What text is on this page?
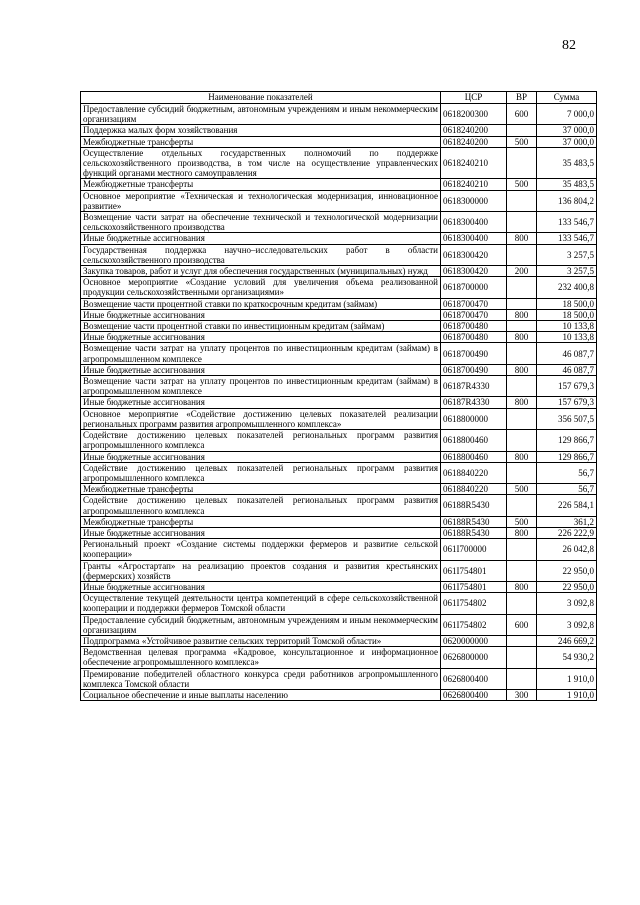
82
Наименование показателей	ЦСР	ВР	Сумма
Предоставление субсидий бюджетным, автономным учреждениям и иным некоммерческим организациям	0618200300	600	7 000,0
Поддержка малых форм хозяйствования	0618240200		37 000,0
Межбюджетные трансферты	0618240200	500	37 000,0
Осуществление отдельных государственных полномочий по поддержке сельскохозяйственного производства, в том числе на осуществление управленческих функций органами местного самоуправления	0618240210		35 483,5
Межбюджетные трансферты	0618240210	500	35 483,5
Основное мероприятие «Техническая и технологическая модернизация, инновационное развитие»	0618300000		136 804,2
Возмещение части затрат на обеспечение технической и технологической модернизации сельскохозяйственного производства	0618300400		133 546,7
Иные бюджетные ассигнования	0618300400	800	133 546,7
Государственная поддержка научно–исследовательских работ в области сельскохозяйственного производства	0618300420		3 257,5
Закупка товаров, работ и услуг для обеспечения государственных (муниципальных) нужд	0618300420	200	3 257,5
Основное мероприятие «Создание условий для увеличения объема реализованной продукции сельскохозяйственными организациями»	0618700000		232 400,8
Возмещение части процентной ставки по краткосрочным кредитам (займам)	0618700470		18 500,0
Иные бюджетные ассигнования	0618700470	800	18 500,0
Возмещение части процентной ставки по инвестиционным кредитам (займам)	0618700480		10 133,8
Иные бюджетные ассигнования	0618700480	800	10 133,8
Возмещение части затрат на уплату процентов по инвестиционным кредитам (займам) в агропромышленном комплексе	0618700490		46 087,7
Иные бюджетные ассигнования	0618700490	800	46 087,7
Возмещение части затрат на уплату процентов по инвестиционным кредитам (займам) в агропромышленном комплексе	06187R4330		157 679,3
Иные бюджетные ассигнования	06187R4330	800	157 679,3
Основное мероприятие «Содействие достижению целевых показателей реализации региональных программ развития агропромышленного комплекса»	0618800000		356 507,5
Содействие достижению целевых показателей региональных программ развития агропромышленного комплекса	0618800460		129 866,7
Иные бюджетные ассигнования	0618800460	800	129 866,7
Содействие достижению целевых показателей региональных программ развития агропромышленного комплекса	0618840220		56,7
Межбюджетные трансферты	0618840220	500	56,7
Содействие достижению целевых показателей региональных программ развития агропромышленного комплекса	06188R5430		226 584,1
Межбюджетные трансферты	06188R5430	500	361,2
Иные бюджетные ассигнования	06188R5430	800	226 222,9
Региональный проект «Создание системы поддержки фермеров и развитие сельской кооперации»	061I700000		26 042,8
Гранты «Агростартап» на реализацию проектов создания и развития крестьянских (фермерских) хозяйств	061I754801		22 950,0
Иные бюджетные ассигнования	061I754801	800	22 950,0
Осуществление текущей деятельности центра компетенций в сфере сельскохозяйственной кооперации и поддержки фермеров Томской области	061I754802		3 092,8
Предоставление субсидий бюджетным, автономным учреждениям и иным некоммерческим организациям	061I754802	600	3 092,8
Подпрограмма «Устойчивое развитие сельских территорий Томской области»	0620000000		246 669,2
Ведомственная целевая программа «Кадровое, консультационное и информационное обеспечение агропромышленного комплекса»	0626800000		54 930,2
Премирование победителей областного конкурса среди работников агропромышленного комплекса Томской области	0626800400		1 910,0
Социальное обеспечение и иные выплаты населению	0626800400	300	1 910,0
